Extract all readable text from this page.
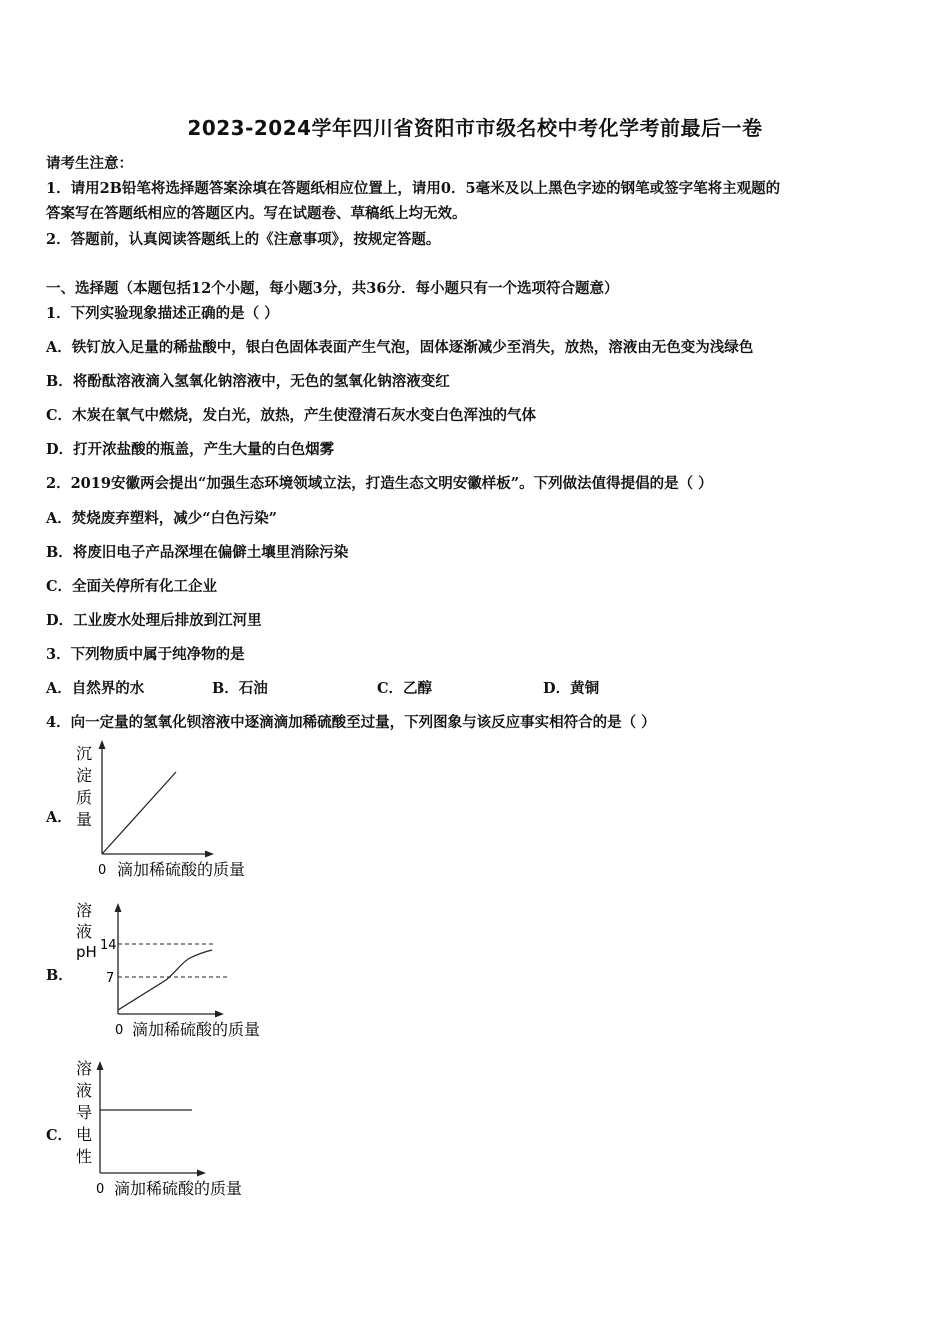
2023-2024学年四川省资阳市市级名校中考化学考前最后一卷
请考生注意：
1．请用2B铅笔将选择题答案涂填在答题纸相应位置上，请用0．5毫米及以上黑色字迹的钢笔或签字笔将主观题的
答案写在答题纸相应的答题区内。写在试题卷、草稿纸上均无效。
2．答题前，认真阅读答题纸上的《注意事项》，按规定答题。
一、选择题（本题包括12个小题，每小题3分，共36分．每小题只有一个选项符合题意）
1．下列实验现象描述正确的是（ ）
A．铁钉放入足量的稀盐酸中，银白色固体表面产生气泡，固体逐渐减少至消失，放热，溶液由无色变为浅绿色
B．将酚酞溶液滴入氢氧化钠溶液中，无色的氢氧化钠溶液变红
C．木炭在氧气中燃烧，发白光，放热，产生使澄清石灰水变白色浑浊的气体
D．打开浓盐酸的瓶盖，产生大量的白色烟雾
2．2019安徽两会提出“加强生态环境领域立法，打造生态文明安徽样板”。下列做法值得提倡的是（ ）
A．焚烧废弃塑料，减少“白色污染”
B．将废旧电子产品深埋在偏僻土壤里消除污染
C．全面关停所有化工企业
D．工业废水处理后排放到江河里
3．下列物质中属于纯净物的是
A．自然界的水	B．石油	C．乙醇	D．黄铜
4．向一定量的氢氧化钡溶液中逐滴滴加稀硫酸至过量，下列图象与该反应事实相符合的是（ ）
A．
沉
淀
质
量
0 滴加稀硫酸的质量
B．
溶
液
pH 14
7
0 滴加稀硫酸的质量
C．
溶
液
导
电
性
0 滴加稀硫酸的质量
